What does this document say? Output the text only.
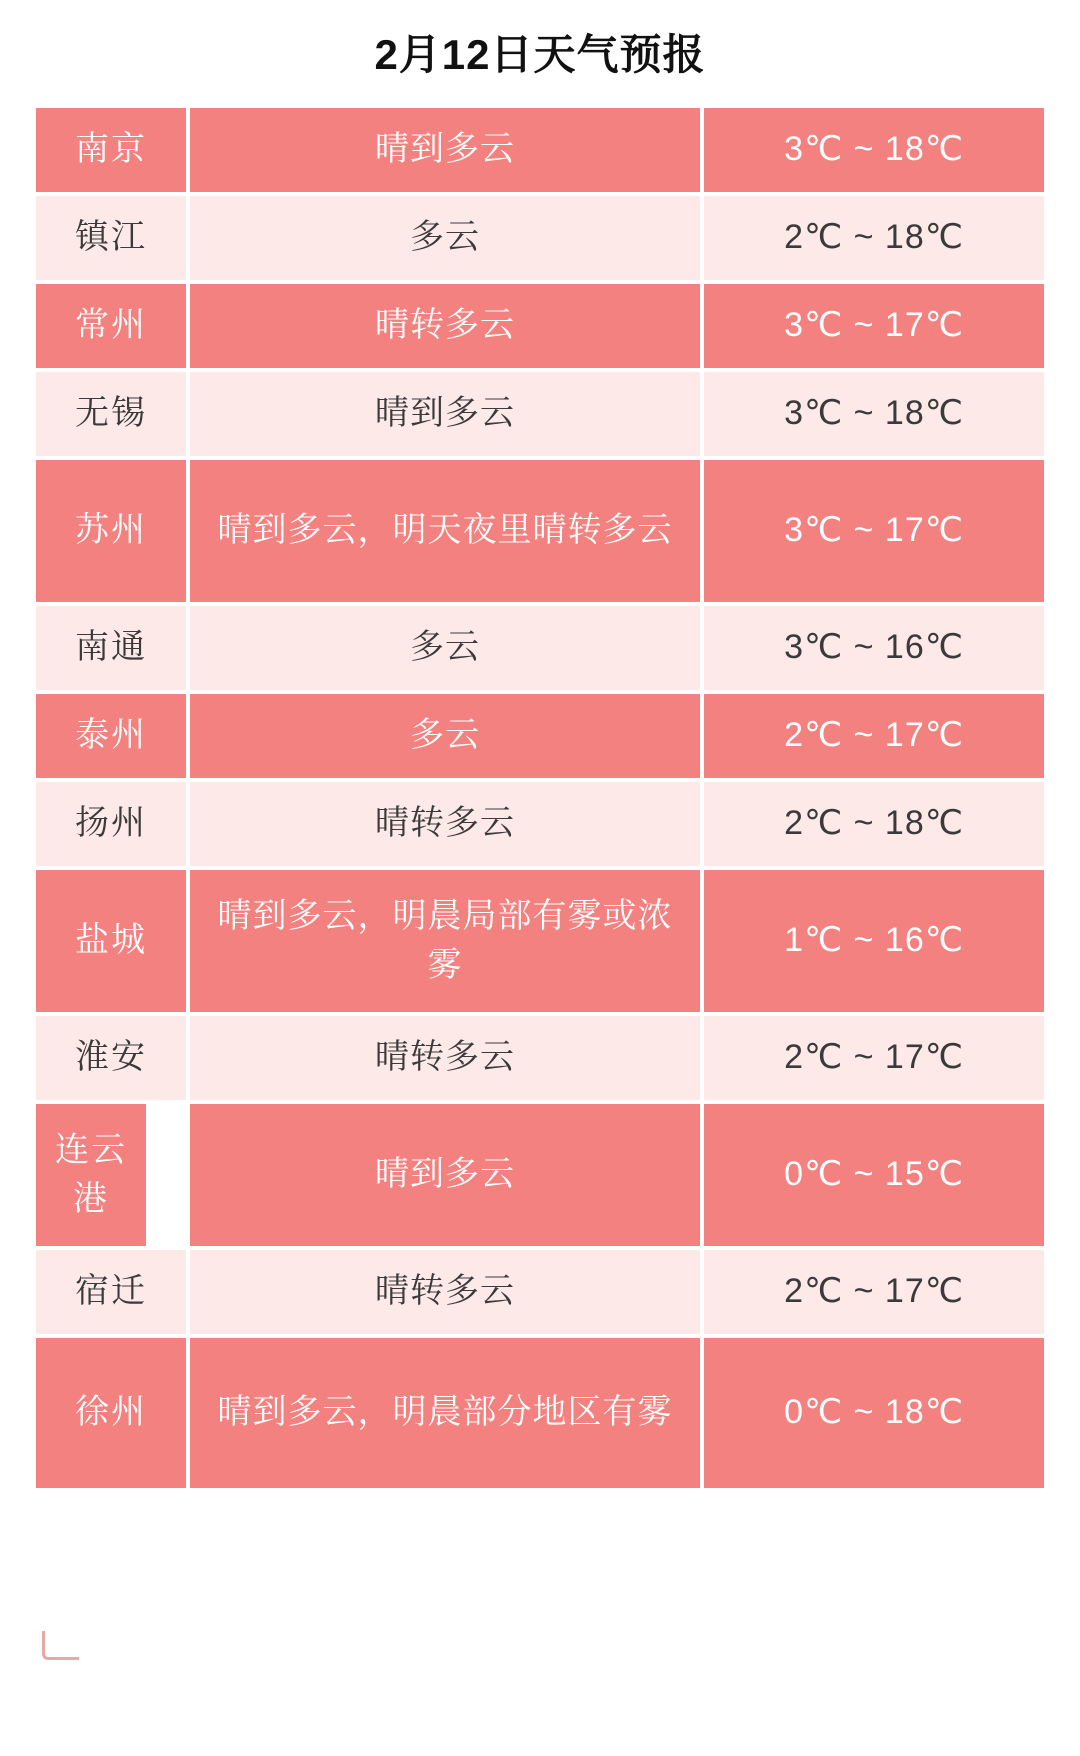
2月12日天气预报
南京	晴到多云	3℃ ~ 18℃

镇江	多云	2℃ ~ 18℃

常州	晴转多云	3℃ ~ 17℃

无锡	晴到多云	3℃ ~ 18℃

苏州	晴到多云，明天夜里晴转多云	3℃ ~ 17℃

南通	多云	3℃ ~ 16℃

泰州	多云	2℃ ~ 17℃

扬州	晴转多云	2℃ ~ 18℃

盐城	晴到多云，明晨局部有雾或浓雾	1℃ ~ 16℃

淮安	晴转多云	2℃ ~ 17℃

连云港	晴到多云	0℃ ~ 15℃

宿迁	晴转多云	2℃ ~ 17℃

徐州	晴到多云，明晨部分地区有雾	0℃ ~ 18℃
